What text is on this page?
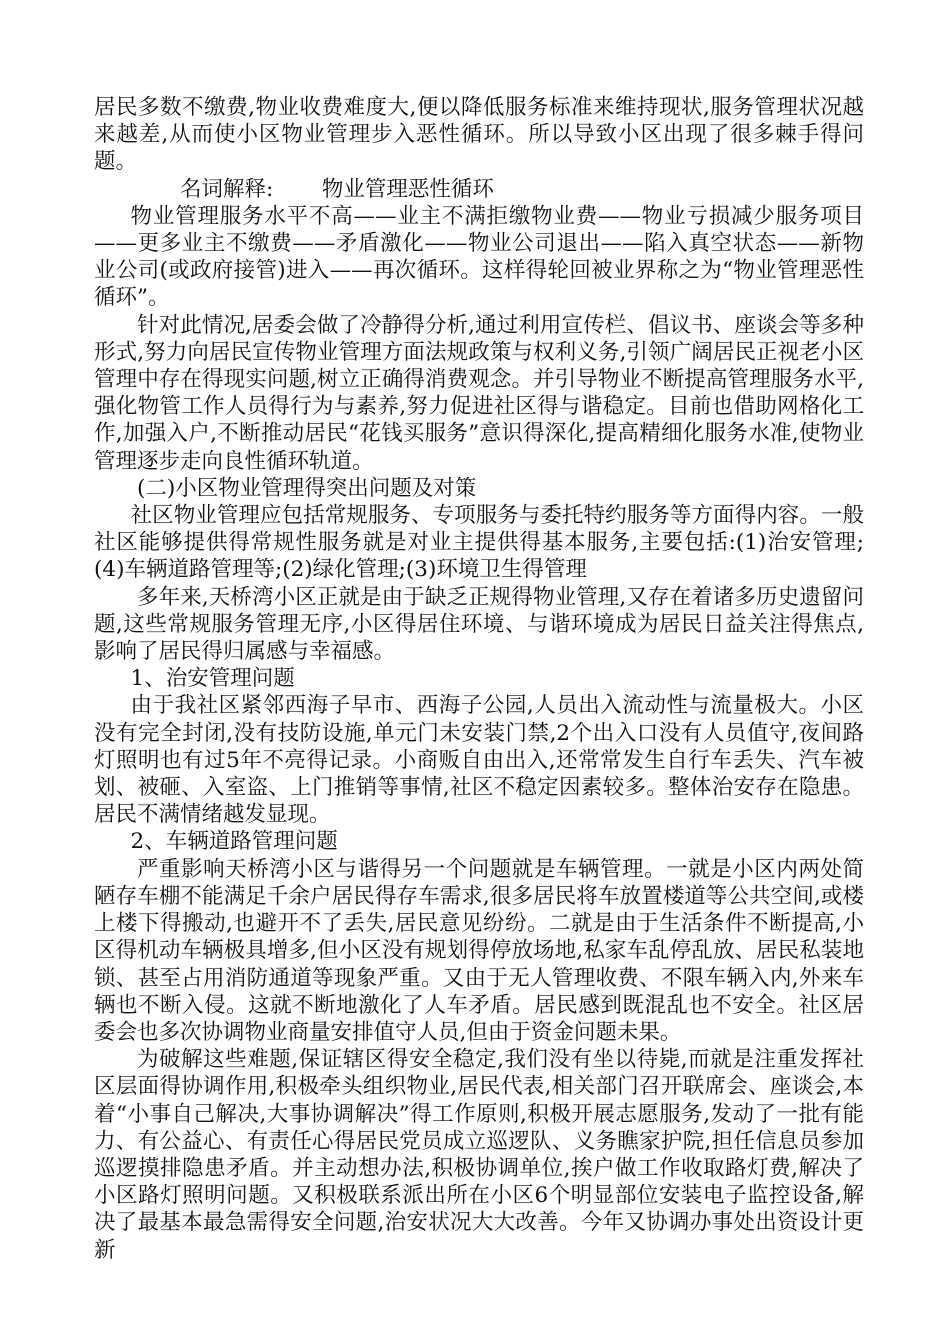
居民多数不缴费,物业收费难度大,便以降低服务标准来维持现状,服务管理状况越来越差,从而使小区物业管理步入恶性循环。所以导致小区出现了很多棘手得问题。

名词解释: 物业管理恶性循环

物业管理服务水平不高——业主不满拒缴物业费——物业亏损减少服务项目——更多业主不缴费——矛盾激化——物业公司退出——陷入真空状态——新物业公司(或政府接管)进入——再次循环。这样得轮回被业界称之为“物业管理恶性循环”。

针对此情况,居委会做了冷静得分析,通过利用宣传栏、倡议书、座谈会等多种形式,努力向居民宣传物业管理方面法规政策与权利义务,引领广阔居民正视老小区管理中存在得现实问题,树立正确得消费观念。并引导物业不断提高管理服务水平,强化物管工作人员得行为与素养,努力促进社区得与谐稳定。目前也借助网格化工作,加强入户,不断推动居民“花钱买服务”意识得深化,提高精细化服务水准,使物业管理逐步走向良性循环轨道。

(二)小区物业管理得突出问题及对策

社区物业管理应包括常规服务、专项服务与委托特约服务等方面得内容。一般社区能够提供得常规性服务就是对业主提供得基本服务,主要包括:(1)治安管理;(4)车辆道路管理等;(2)绿化管理;(3)环境卫生得管理

多年来,天桥湾小区正就是由于缺乏正规得物业管理,又存在着诸多历史遗留问题,这些常规服务管理无序,小区得居住环境、与谐环境成为居民日益关注得焦点,影响了居民得归属感与幸福感。

1、治安管理问题

由于我社区紧邻西海子早市、西海子公园,人员出入流动性与流量极大。小区没有完全封闭,没有技防设施,单元门未安装门禁,2个出入口没有人员值守,夜间路灯照明也有过5年不亮得记录。小商贩自由出入,还常常发生自行车丢失、汽车被划、被砸、入室盗、上门推销等事情,社区不稳定因素较多。整体治安存在隐患。居民不满情绪越发显现。

2、车辆道路管理问题

严重影响天桥湾小区与谐得另一个问题就是车辆管理。一就是小区内两处简陋存车棚不能满足千余户居民得存车需求,很多居民将车放置楼道等公共空间,或楼上楼下得搬动,也避开不了丢失,居民意见纷纷。二就是由于生活条件不断提高,小区得机动车辆极具增多,但小区没有规划得停放场地,私家车乱停乱放、居民私装地锁、甚至占用消防通道等现象严重。又由于无人管理收费、不限车辆入内,外来车辆也不断入侵。这就不断地激化了人车矛盾。居民感到既混乱也不安全。社区居委会也多次协调物业商量安排值守人员,但由于资金问题未果。

为破解这些难题,保证辖区得安全稳定,我们没有坐以待毙,而就是注重发挥社区层面得协调作用,积极牵头组织物业,居民代表,相关部门召开联席会、座谈会,本着“小事自己解决,大事协调解决”得工作原则,积极开展志愿服务,发动了一批有能力、有公益心、有责任心得居民党员成立巡逻队、义务瞧家护院,担任信息员参加巡逻摸排隐患矛盾。并主动想办法,积极协调单位,挨户做工作收取路灯费,解决了小区路灯照明问题。又积极联系派出所在小区6个明显部位安装电子监控设备,解决了最基本最急需得安全问题,治安状况大大改善。今年又协调办事处出资设计更新
